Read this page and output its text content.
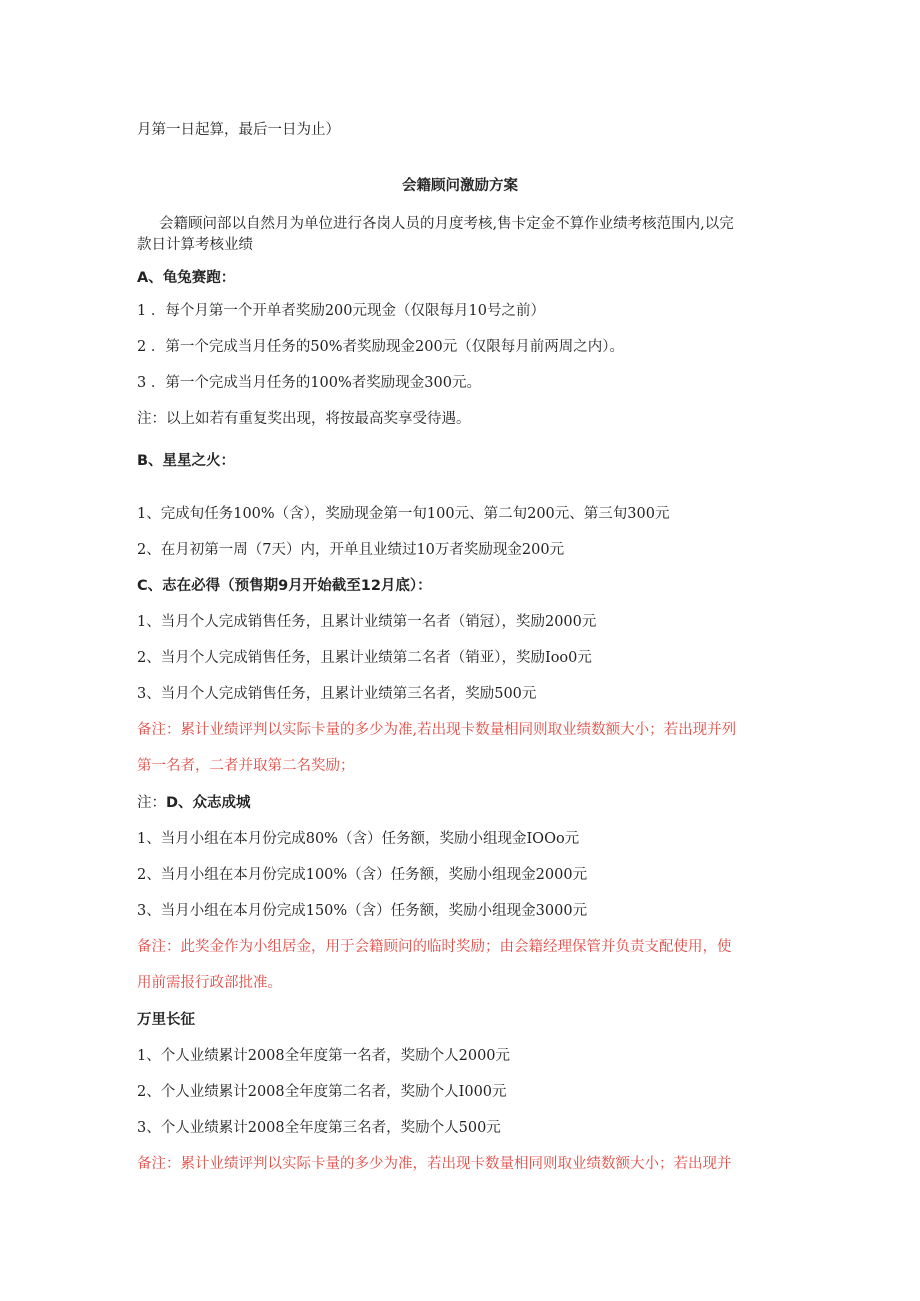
月第一日起算，最后一日为止）
会籍顾问激励方案
会籍顾问部以自然月为单位进行各岗人员的月度考核,售卡定金不算作业绩考核范围内,以完
款日计算考核业绩
A、龟兔赛跑：
1 ．每个月第一个开单者奖励200元现金（仅限每月10号之前）
2 ．第一个完成当月任务的50%者奖励现金200元（仅限每月前两周之内）。
3 ．第一个完成当月任务的100%者奖励现金300元。
注：以上如若有重复奖出现，将按最高奖享受待遇。
B、星星之火：
1、完成旬任务100%（含），奖励现金第一旬100元、第二旬200元、第三旬300元
2、在月初第一周（7天）内，开单且业绩过10万者奖励现金200元
C、志在必得（预售期9月开始截至12月底）：
1、当月个人完成销售任务，且累计业绩第一名者（销冠），奖励2000元
2、当月个人完成销售任务，且累计业绩第二名者（销亚），奖励Ioo0元
3、当月个人完成销售任务，且累计业绩第三名者，奖励500元
备注：累计业绩评判以实际卡量的多少为准,若出现卡数量相同则取业绩数额大小；若出现并列
第一名者，二者并取第二名奖励；
注：D、众志成城
1、当月小组在本月份完成80%（含）任务额，奖励小组现金IOOo元
2、当月小组在本月份完成100%（含）任务额，奖励小组现金2000元
3、当月小组在本月份完成150%（含）任务额，奖励小组现金3000元
备注：此奖金作为小组居金，用于会籍顾问的临时奖励；由会籍经理保管并负责支配使用，使
用前需报行政部批准。
万里长征
1、个人业绩累计2008全年度第一名者，奖励个人2000元
2、个人业绩累计2008全年度第二名者，奖励个人I000元
3、个人业绩累计2008全年度第三名者，奖励个人500元
备注：累计业绩评判以实际卡量的多少为准，若出现卡数量相同则取业绩数额大小；若出现并
